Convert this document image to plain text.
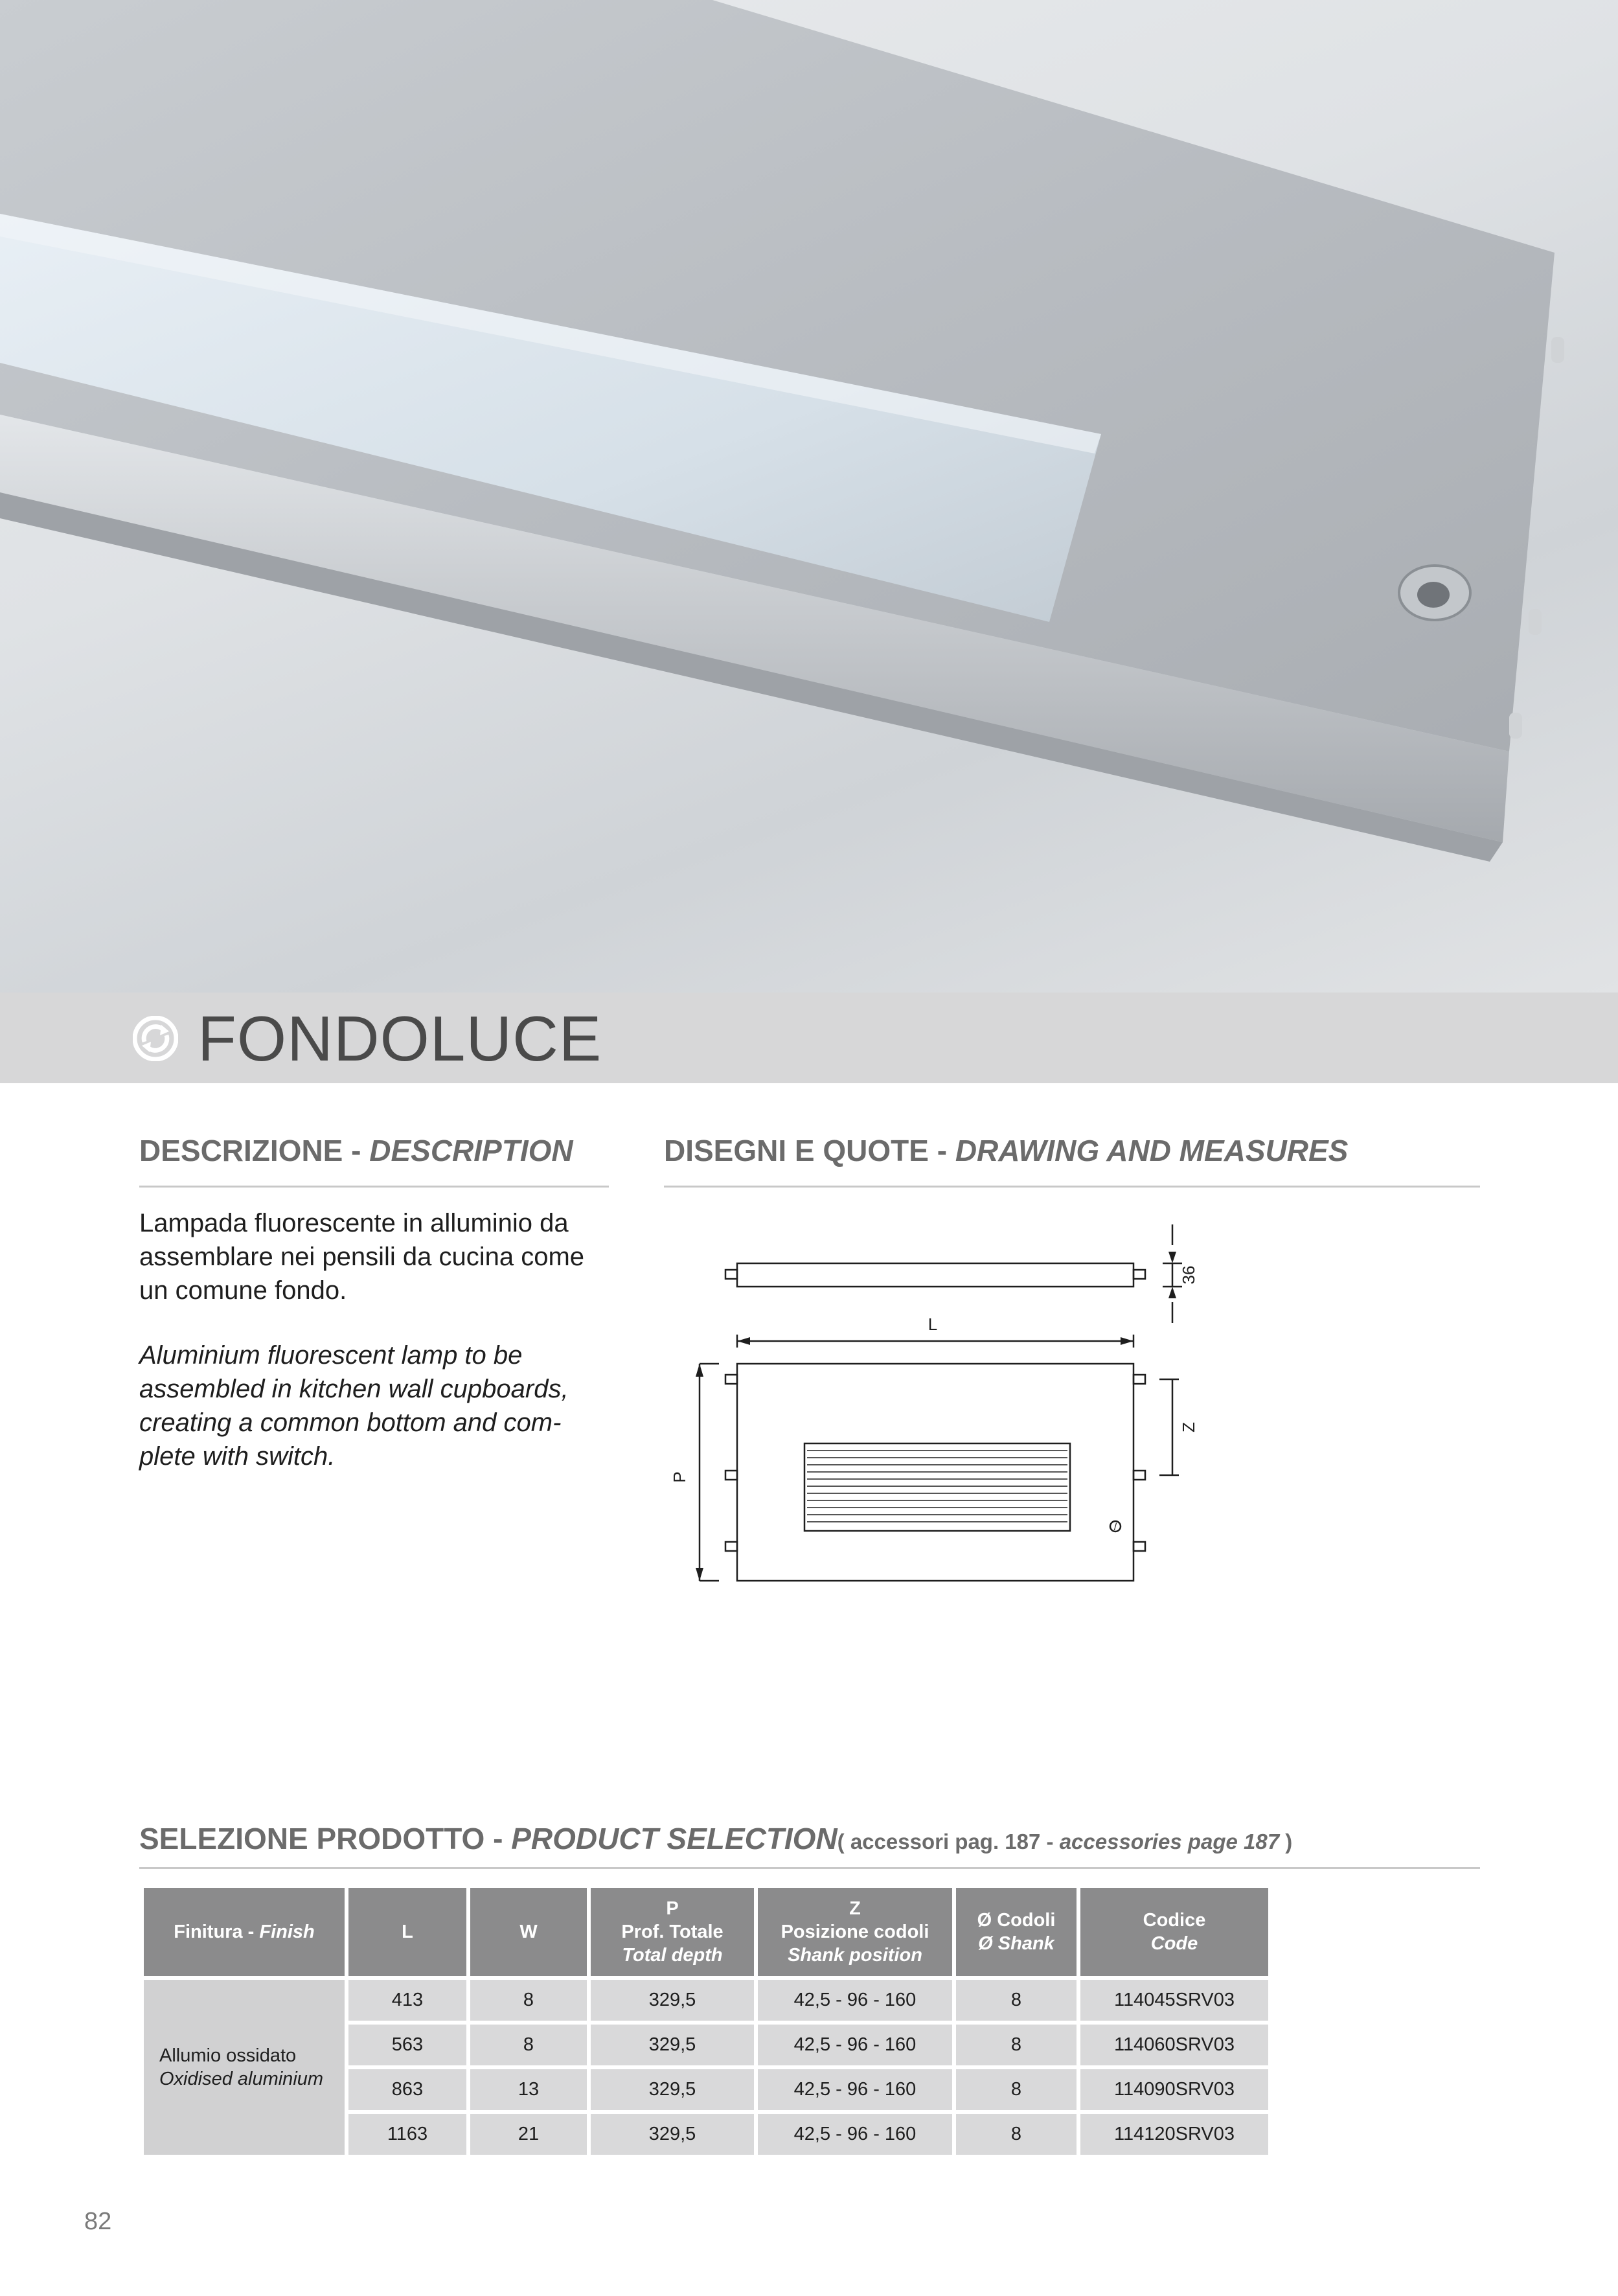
FONDOLUCE
DESCRIZIONE - DESCRIPTION
Lampada fluorescente in alluminio da assemblare nei pensili da cucina come un comune fondo.
Aluminium fluorescent lamp to be assembled in kitchen wall cupboards, creating a common bottom and com- plete with switch.
DISEGNI E QUOTE - DRAWING AND MEASURES
/
36
L
P
Z
SELEZIONE PRODOTTO - PRODUCT SELECTION( accessori pag. 187 - accessories page 187 )
Finitura - Finish	L	W	P
Prof. Totale
Total depth	Z
Posizione codoli
Shank position	Ø Codoli
Ø Shank	Codice
Code
Allumio ossidato
Oxidised aluminium	413	8	329,5	42,5 - 96 - 160	8	114045SRV03
	563	8	329,5	42,5 - 96 - 160	8	114060SRV03
	863	13	329,5	42,5 - 96 - 160	8	114090SRV03
	1163	21	329,5	42,5 - 96 - 160	8	114120SRV03
82
